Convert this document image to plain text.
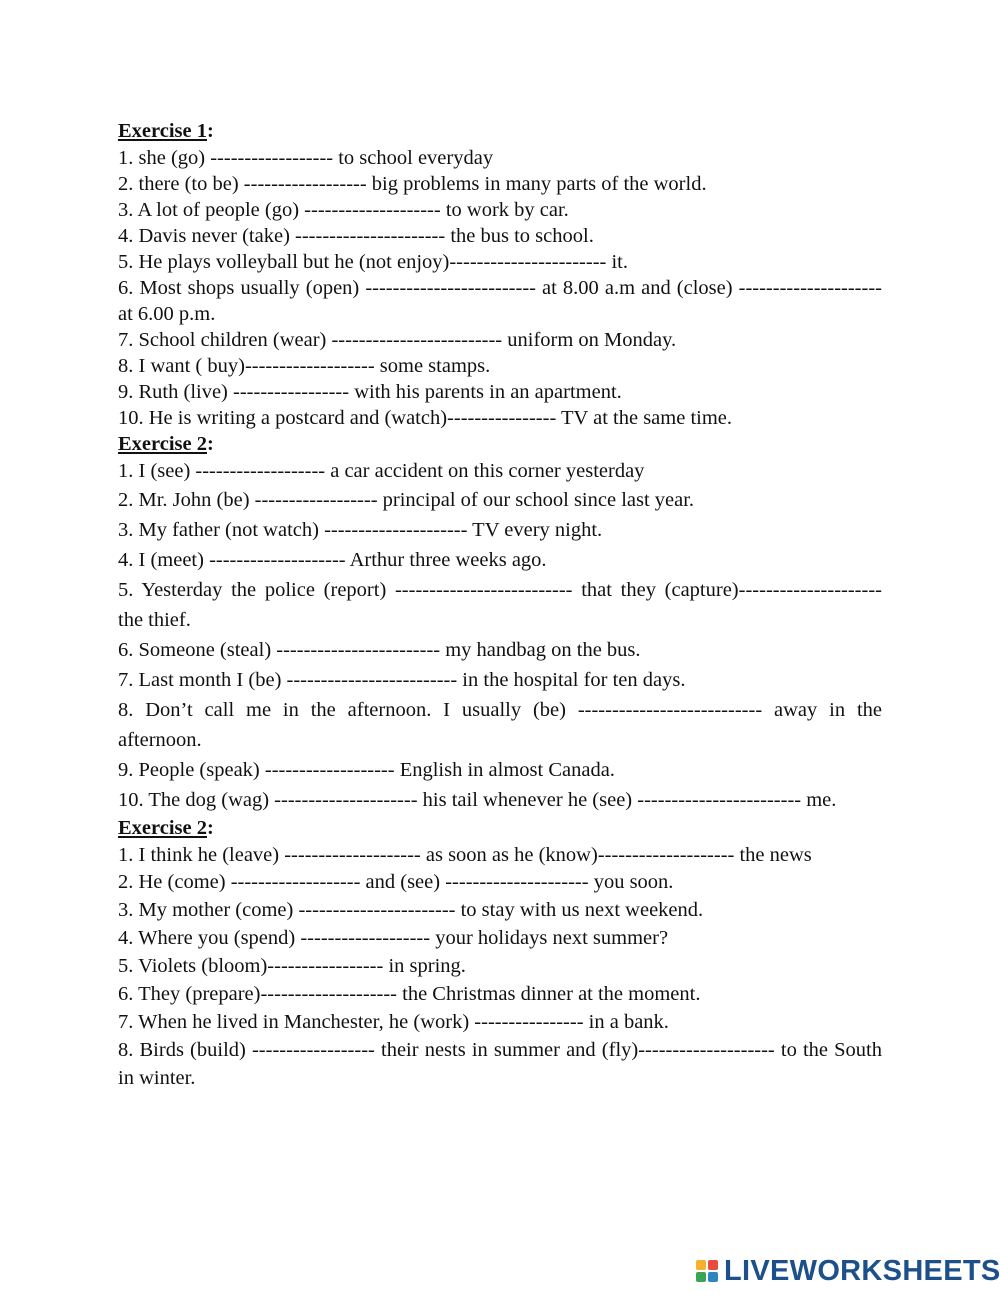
Exercise 1:
1. she (go) ------------------ to school everyday
2. there (to be) ------------------ big problems in many parts of the world.
3. A lot of people (go) -------------------- to work by car.
4. Davis never (take) ---------------------- the bus to school.
5. He plays volleyball but he (not enjoy)----------------------- it.
6. Most shops usually (open) ------------------------- at 8.00 a.m and (close) --------------------- at 6.00 p.m.
7. School children (wear) ------------------------- uniform on Monday.
8. I want ( buy)------------------- some stamps.
9. Ruth (live) ----------------- with his parents in an apartment.
10. He is writing a postcard and (watch)---------------- TV at the same time.
Exercise 2:
1. I (see) ------------------- a car accident on this corner yesterday
2. Mr. John (be) ------------------ principal of our school since last year.
3. My father (not watch) --------------------- TV every night.
4. I (meet) -------------------- Arthur three weeks ago.
5. Yesterday the police (report) -------------------------- that they (capture)--------------------- the thief.
6. Someone (steal) ------------------------ my handbag on the bus.
7. Last month I (be) ------------------------- in the hospital for ten days.
8. Don’t call me in the afternoon. I usually (be) --------------------------- away in the afternoon.
9. People (speak) ------------------- English in almost Canada.
10. The dog (wag) --------------------- his tail whenever he (see) ------------------------ me.
Exercise 2:
1. I think he (leave) -------------------- as soon as he (know)-------------------- the news
2. He (come) ------------------- and (see) --------------------- you soon.
3. My mother (come) ----------------------- to stay with us next weekend.
4. Where you (spend) ------------------- your holidays next summer?
5. Violets (bloom)----------------- in spring.
6. They (prepare)-------------------- the Christmas dinner at the moment.
7. When he lived in Manchester, he (work) ---------------- in a bank.
8. Birds (build) ------------------ their nests in summer and (fly)-------------------- to the South in winter.
LIVEWORKSHEETS
